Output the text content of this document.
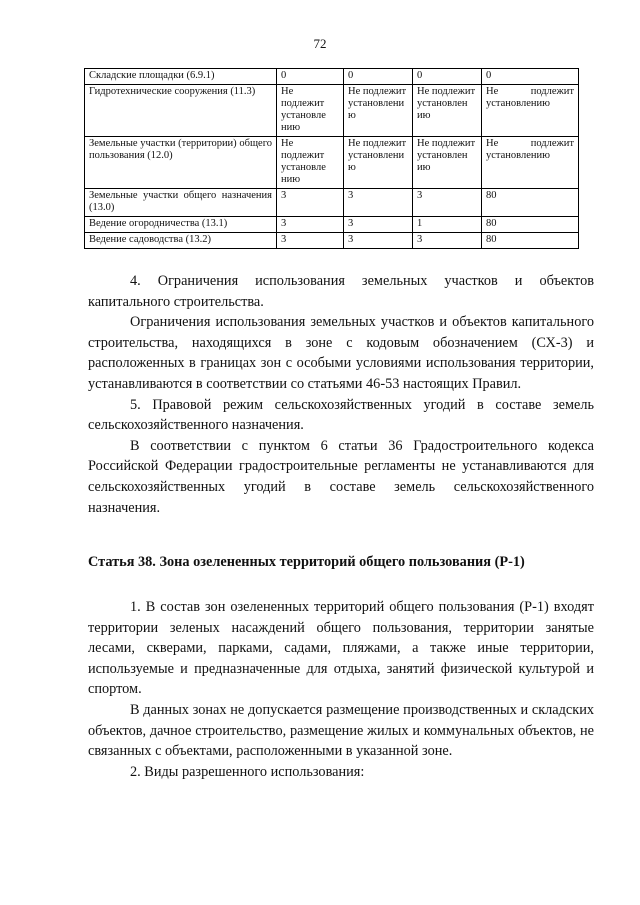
72
Складские площадки (6.9.1)	0	0	0	0
Гидротехнические сооружения (11.3)	Не подлежит установле нию	Не подлежит установлени ю	Не подлежит установлен ию	Не подлежит установлению
Земельные участки (территории) общего пользования (12.0)	Не подлежит установле нию	Не подлежит установлени ю	Не подлежит установлен ию	Не подлежит установлению
Земельные участки общего назначения (13.0)	3	3	3	80
Ведение огородничества (13.1)	3	3	1	80
Ведение садоводства (13.2)	3	3	3	80

4. Ограничения использования земельных участков и объектов капитального строительства.

Ограничения использования земельных участков и объектов капитального строительства, находящихся в зоне с кодовым обозначением (СХ-3) и расположенных в границах зон с особыми условиями использования территории, устанавливаются в соответствии со статьями 46-53 настоящих Правил.

5. Правовой режим сельскохозяйственных угодий в составе земель сельскохозяйственного назначения.

В соответствии с пунктом 6 статьи 36 Градостроительного кодекса Российской Федерации градостроительные регламенты не устанавливаются для сельскохозяйственных угодий в составе земель сельскохозяйственного назначения.

Статья 38. Зона озелененных территорий общего пользования (Р-1)

1. В состав зон озелененных территорий общего пользования (Р-1) входят территории зеленых насаждений общего пользования, территории занятые лесами, скверами, парками, садами, пляжами, а также иные территории, используемые и предназначенные для отдыха, занятий физической культурой и спортом.

В данных зонах не допускается размещение производственных и складских объектов, дачное строительство, размещение жилых и коммунальных объектов, не связанных с объектами, расположенными в указанной зоне.

2. Виды разрешенного использования:
